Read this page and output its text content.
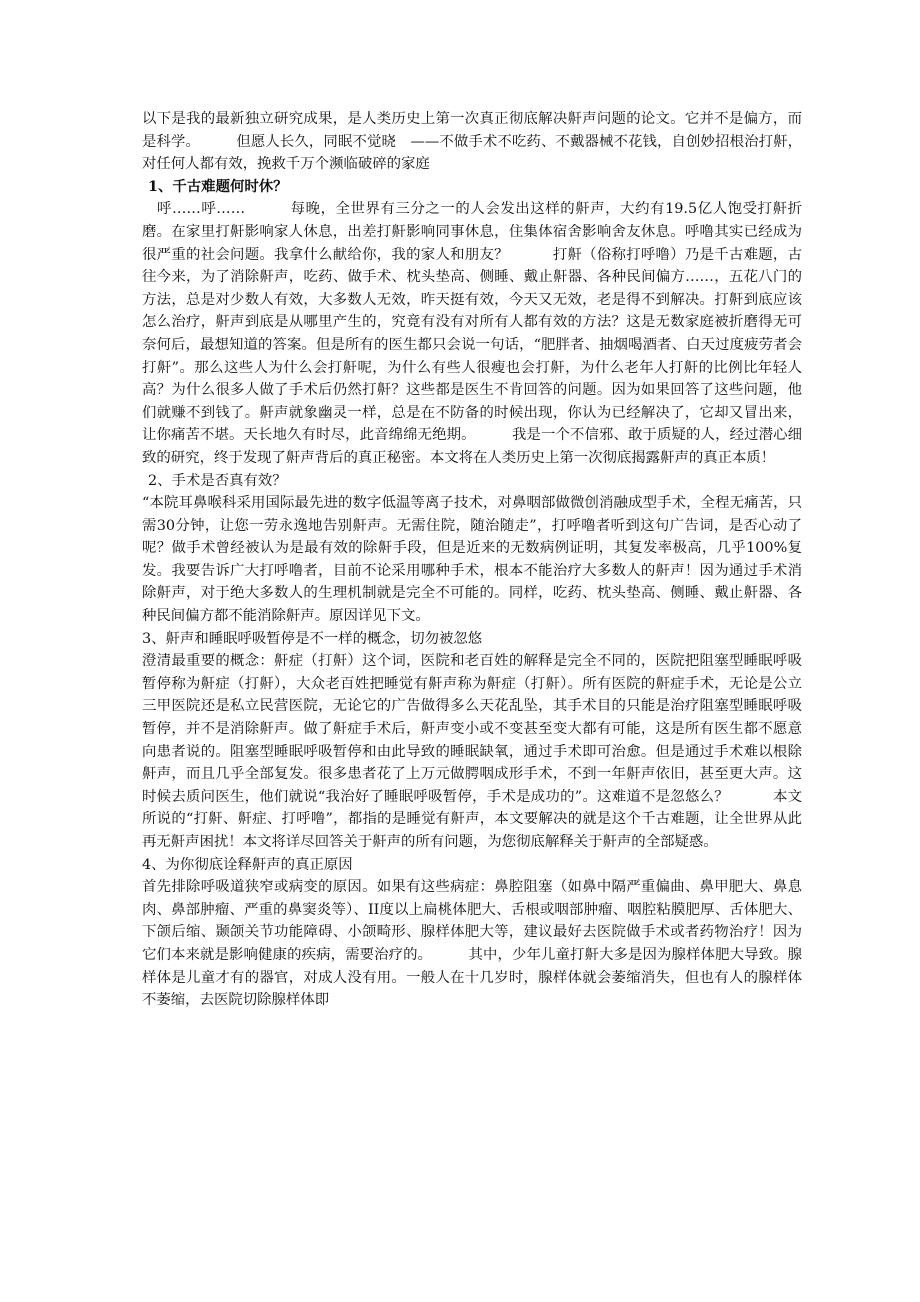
以下是我的最新独立研究成果，是人类历史上第一次真正彻底解决鼾声问题的论文。它并不是偏方，而是科学。　　　但愿人长久，同眠不觉晓　——不做手术不吃药、不戴器械不花钱，自创妙招根治打鼾，对任何人都有效，挽救千万个濒临破碎的家庭

1、千古难题何时休？

　呼……呼……　　　每晚，全世界有三分之一的人会发出这样的鼾声，大约有19.5亿人饱受打鼾折磨。在家里打鼾影响家人休息，出差打鼾影响同事休息，住集体宿舍影响舍友休息。呼噜其实已经成为很严重的社会问题。我拿什么献给你，我的家人和朋友？　　　打鼾（俗称打呼噜）乃是千古难题，古往今来，为了消除鼾声，吃药、做手术、枕头垫高、侧睡、戴止鼾器、各种民间偏方……，五花八门的方法，总是对少数人有效，大多数人无效，昨天挺有效，今天又无效，老是得不到解决。打鼾到底应该怎么治疗，鼾声到底是从哪里产生的，究竟有没有对所有人都有效的方法？这是无数家庭被折磨得无可奈何后，最想知道的答案。但是所有的医生都只会说一句话，“肥胖者、抽烟喝酒者、白天过度疲劳者会打鼾”。那么这些人为什么会打鼾呢，为什么有些人很瘦也会打鼾，为什么老年人打鼾的比例比年轻人高？为什么很多人做了手术后仍然打鼾？这些都是医生不肯回答的问题。因为如果回答了这些问题，他们就赚不到钱了。鼾声就象幽灵一样，总是在不防备的时候出现，你认为已经解决了，它却又冒出来，让你痛苦不堪。天长地久有时尽，此音绵绵无绝期。　　　我是一个不信邪、敢于质疑的人，经过潜心细致的研究，终于发现了鼾声背后的真正秘密。本文将在人类历史上第一次彻底揭露鼾声的真正本质！

2、手术是否真有效？

“本院耳鼻喉科采用国际最先进的数字低温等离子技术，对鼻咽部做微创消融成型手术，全程无痛苦，只需30分钟，让您一劳永逸地告别鼾声。无需住院，随治随走”，打呼噜者听到这句广告词，是否心动了呢？做手术曾经被认为是最有效的除鼾手段，但是近来的无数病例证明，其复发率极高，几乎100%复发。我要告诉广大打呼噜者，目前不论采用哪种手术，根本不能治疗大多数人的鼾声！因为通过手术消除鼾声，对于绝大多数人的生理机制就是完全不可能的。同样，吃药、枕头垫高、侧睡、戴止鼾器、各种民间偏方都不能消除鼾声。原因详见下文。

3、鼾声和睡眠呼吸暂停是不一样的概念，切勿被忽悠

澄清最重要的概念：鼾症（打鼾）这个词，医院和老百姓的解释是完全不同的，医院把阻塞型睡眠呼吸暂停称为鼾症（打鼾），大众老百姓把睡觉有鼾声称为鼾症（打鼾）。所有医院的鼾症手术，无论是公立三甲医院还是私立民营医院，无论它的广告做得多么天花乱坠，其手术目的只能是治疗阻塞型睡眠呼吸暂停，并不是消除鼾声。做了鼾症手术后，鼾声变小或不变甚至变大都有可能，这是所有医生都不愿意向患者说的。阻塞型睡眠呼吸暂停和由此导致的睡眠缺氧，通过手术即可治愈。但是通过手术难以根除鼾声，而且几乎全部复发。很多患者花了上万元做腭咽成形手术，不到一年鼾声依旧，甚至更大声。这时候去质问医生，他们就说“我治好了睡眠呼吸暂停，手术是成功的”。这难道不是忽悠么？　　　本文所说的“打鼾、鼾症、打呼噜”，都指的是睡觉有鼾声，本文要解决的就是这个千古难题，让全世界从此再无鼾声困扰！本文将详尽回答关于鼾声的所有问题，为您彻底解释关于鼾声的全部疑惑。

4、为你彻底诠释鼾声的真正原因

首先排除呼吸道狭窄或病变的原因。如果有这些病症：鼻腔阻塞（如鼻中隔严重偏曲、鼻甲肥大、鼻息肉、鼻部肿瘤、严重的鼻窦炎等）、II度以上扁桃体肥大、舌根或咽部肿瘤、咽腔粘膜肥厚、舌体肥大、下颌后缩、颞颌关节功能障碍、小颌畸形、腺样体肥大等，建议最好去医院做手术或者药物治疗！因为它们本来就是影响健康的疾病，需要治疗的。　　　其中，少年儿童打鼾大多是因为腺样体肥大导致。腺样体是儿童才有的器官，对成人没有用。一般人在十几岁时，腺样体就会萎缩消失，但也有人的腺样体不萎缩，去医院切除腺样体即
